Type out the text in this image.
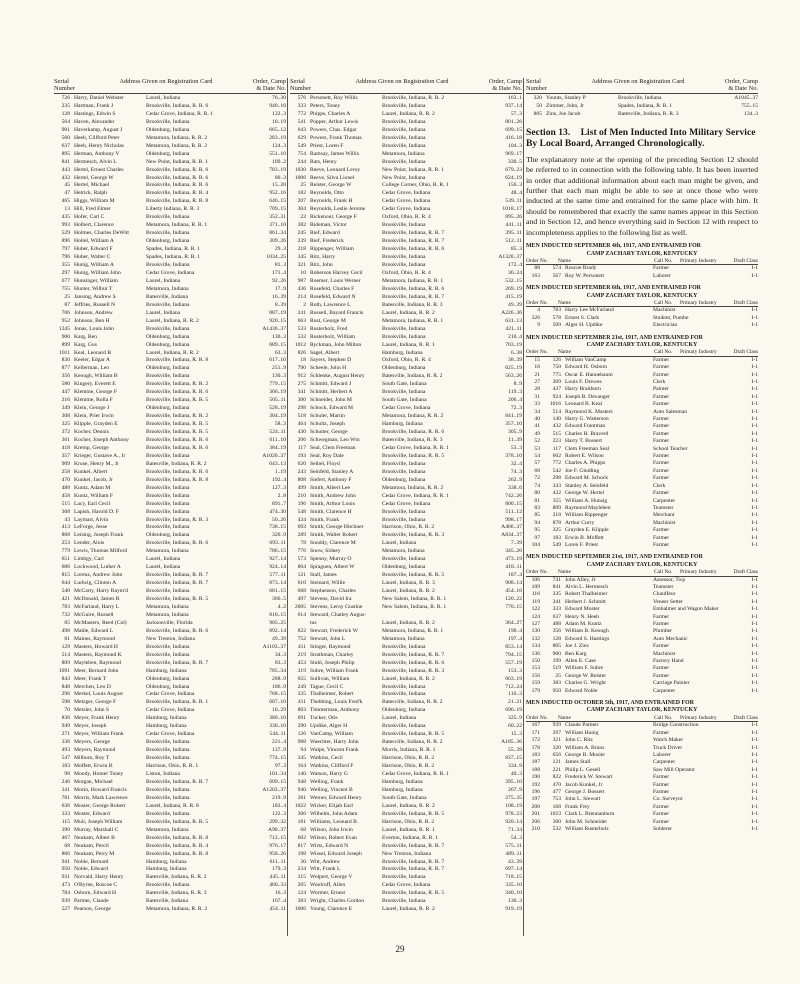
Serial Number
Address Given on Registration Card	Order, Camp & Date No.
726 Harry, Daniel Webster	Laurel, Indiana	76..30
235 Hartman, Frank J	Brookville, Indiana, R. R. 6	940..16
128 Hastings, Edwin S	Cedar Grove, Indiana, R. R. 1	132..3
564 Haven, Alexander	Brookville, Indiana	10..19
901 Haverkamp, August J	Oldenburg, Indiana	665..12
560 Heeb, Clifford Peter	Metamora, Indiana, R. R. 2	283..19
637 Heeb, Henry Nicholas	Metamora, Indiana, R. R. 2	124..3
895 Herman, Anthony V	Oldenburg, Indiana	551..10
841 Hermesch, Alvin L	New Point, Indiana, R. R. 1	109..2
443 Hertel, Ernest Charles	Brookville, Indiana, R. R. 6	783..19
432 Hertel, George W	Brookville, Indiana, R. R. 6	80..3
45 Hertel, Michael	Brookville, Indiana, R. R. 6	15..20
47 Hetrick, Ralph	Brookville, Indiana, R. R. 4	952..16
465 Higgs, William M	Brookville, Indiana, R. R. 8	646..15
13 Hill, Fred Elmer	Liberty Indiana, R. R. 3	709..15
435 Hofer, Carl C	Brookville, Indiana	352..31
993 Holbert, Clarence	Metamora, Indiana, R. R. 1	371..10
529 Holmes, Charles DeWitt	Brookville, Indiana	861..34
896 Holtel, William A	Oldenburg, Indiana	309..26
797 Huber, Edward F	Spades, Indiana, R. R. 1	29..3
796 Huber, Walter C	Spades, Indiana, R. R. 1	1034..25
355 Hunig, William A	Brookville, Indiana	81..3
297 Hunig, William John	Cedar Grove, Indiana	171..4
677 Hunsinger, William	Laurel, Indiana	92..26
755 Hunter, Wilbur T	Metamora, Indiana	17..9
25 Jansing, Andrew S	Batesville, Indiana	16..39
87 Jeffries, Russell N	Brookville, Indiana	8..39
706 Johnson, Andrew	Laurel, Indiana	887..19
952 Johnson, Ben H	Laurel, Indiana, R. R. 2	920..15
1345 Jonas, Louis John	Brookville, Indiana	A1436..37
900 Karg, Ben	Oldenburg, Indiana	130..3
899 Karg, Gus	Oldenburg, Indiana	689..15
1011 Keal, Leonard B	Laurel, Indiana, R. R. 2	63..3
830 Keeler, Edgar A	Brookville, Indiana, R. R. 8	617..10
877 Kellerman, Leo	Oldenburg, Indiana	251..9
356 Keough, William B	Brookville, Indiana	130..3
580 Kingery, Everett E	Brookville, Indiana, R. R. 2	779..15
447 Klemme, George F	Brookville, Indiana, R. R. 6	366..19
216 Klemme, Rolla F	Brookville, Indiana, R. R. 5	505..11
349 Klein, George J	Oldenburg, Indiana	528..19
308 Klein, Prier Irwin	Brookville, Indiana, R. R. 2	304..19
325 Klipple, Grayden E	Brookville, Indiana, R. R. 5	58..3
372 Kocher, Dennis	Brookville, Indiana, R. R. 5	524..11
361 Kocher, Joseph Anthony	Brookville, Indiana, R. R. 6	611..10
418 Kremp, George	Brookville, Indiana, R. R. 6	384..19
357 Krieger, Gustave A., Jr	Brookville, Indiana	A1020..37
909 Kruse, Henry M., Jr	Batesville, Indiana, R. R. 2	643..13
258 Kunkel, Albert	Brookville, Indiana, R. R. 6	1..19
470 Kunkel, Jacob, Jr	Brookville, Indiana, R. R. 8	192..4
488 Kuntz, Adam M	Brookville, Indiana	127..3
458 Kuntz, William F	Brookville, Indiana	2..8
515 Lacy, Earl Cecil	Brookville, Indiana	891..7
308 Lapish, Harold D. F	Brookville, Indiana	474..30
43 Laymart, Alvin	Brookville, Indiana, R. R. 3	50..26
413 LeForge, Jesse	Brookville, Indiana	738..15
868 Leising, Joseph Frank	Oldenburg, Indiana	320..9
253 Lender, Alois	Brookville, Indiana, R. R. 6	693..11
779 Lewis, Thomas Milford	Metamora, Indiana	786..15
651 Limbgy, Carl	Laurel, Indiana	927..14
686 Lockwood, Luther A	Laurel, Indiana	924..14
815 Lorenz, Andrew John	Brookville, Indiana, R. R. 7	577..11
644 Ludwig, Clinton A	Brookville, Indiana, R. R. 7	873..14
540 McCarty, Harry Raym'd	Brookville, Indiana	681..15
421 McDonald, James R	Brookville, Indiana, R. R. 5	366..5
783 McFarland, Harry L	Metamora, Indiana	4..2
732 McGuire, Russell	Metamora, Indiana	810..15
85 McMasters, Reed (Col)	Jacksonville, Florida	905..25
498 Mahle, Edward L	Brookville, Indiana, R. R. 6	892..14
81 Maines, Raymond	New Trenton, Indiana	49..39
129 Masters, Howard H	Brookville, Indiana	A1103..37
514 Masters, Raymond K	Brookville, Indiana	34..3
809 Mayleben, Raymond	Brookville, Indiana, R. R. 7	83..3
1091 Meer, Bernard John	Hamburg, Indiana	785..34
843 Meer, Frank T	Oldenburg, Indiana	288..9
848 Merchen, Leo D	Oldenburg, Indiana	186..9
296 Merkel, Louis August	Cedar Grove, Indiana	768..15
598 Metzger, George F	Brookville, Indiana, R. R. 1	607..10
70 Metzler, John S	Cedar Grove, Indiana	10..29
836 Meyer, Frank Henry	Hamburg, Indiana	380..10
949 Meyer, Joseph	Hamburg, Indiana	330..10
271 Meyer, William Frank	Cedar Grove, Indiana	544..11
336 Meyers, George	Brookville, Indiana	221..4
493 Meyers, Raymond	Brookville, Indiana	137..9
547 Milburn, Roy T	Brookville, Indiana	774..15
183 Moffett, Erwin B	Harrison, Ohio, R. R. 1	97..3
98 Moody, Homer Toney	Liston, Indiana	101..34
246 Morgan, Michael	Brookville, Indiana, R. R. 7	609..15
341 Morin, Howard Francis	Brookville, Indiana	A1203..37
781 Morris, Mark Lawrence	Brookville, Indiana	219..9
636 Mosier, George Robert	Laurel, Indiana, R. R. 8	183..4
333 Moster, Edward	Brookville, Indiana	122..3
115 Muir, Joseph William	Brookville, Indiana, R. R. 5	299..32
390 Murray, Marshall C	Metamora, Indiana	A90..37
467 Neukam, Albert B	Brookville, Indiana, R. R. 8	712..15
68 Neukam, Percil	Brookville, Indiana, R. R. 4	976..17
866 Neukam, Perry M	Brookville, Indiana, R. R. 8	958..26
941 Noble, Bernard	Hamburg, Indiana	611..11
950 Noble, Edward	Hamburg, Indiana	179..3
931 Norvald, Harry Henry	Batesville, Indiana, R. R. 2	445..11
473 O'Byrne, Roscoe C	Brookville, Indiana	460..33
784 Osborn, Edward H	Batesville, Indiana, R. R. 3	16..3
939 Parmer, Claude	Batesville, Indiana	167..4
527 Pearson, George	Metamora, Indiana, R. R. 2	454..11
Serial Number
Address Given on Registration Card	Order, Camp & Date No.
576 Personett, Roy Willis	Brookville, Indiana, R. R. 2	163..1
333 Peters, Toney	Brookville, Indiana	937..14
772 Phipps, Charles A	Laurel, Indiana, R. R. 2	57..3
541 Popper, Arthur Lewis	Brookville, Indiana	801..26
643 Powers, Chas. Edgar	Brookville, Indiana	699..15
629 Powers, Frank Thomas	Brookville, Indiana	416..18
549 Priest, Loren F	Brookville, Indiana	104..3
754 Ramsay, James Willis	Metamora, Indiana	969..17
244 Rats, Henry	Brookville, Indiana	330..5
1030 Reeve, Leonard Leroy	New Point, Indiana, R. R. 1	679..23
1006 Reeve, Silva Lionel	New Point, Indiana	624..19
25 Reister, George W	College Corner, Ohio, R. R. 1	156..3
182 Reynolds, Otto	Cedar Grove, Indiana	48..4
207 Reynolds, Frank H	Cedar Grove, Indiana	539..11
304 Reynolds, Leslie Jerome	Cedar Grove, Indiana	1018..17
22 Rickenour, George F	Oxford, Ohio, R. R. 4	895..26
382 Rideman, Victor	Brookville, Indiana	441..11
245 Rief, Edward	Brookville, Indiana, R. R. 7	395..11
239 Rief, Frederick	Brookville, Indiana, R. R. 7	512..11
218 Rippenger, William	Brookville, Indiana, R. R. 6	85..3
345 Ritz, Harry	Brookville, Indiana	A1320..37
321 Ritz, John	Brookville, Indiana	172..4
10 Roberson Harvey Cecil	Oxford, Ohio, R. R. 4	36..24
987 Roemer, Louis Werner	Metamora, Indiana, R. R. 1	532..15
436 Rosefeld, Charles F	Brookville, Indiana, R. R. 6	269..19
214 Rosefeld, Edward N	Brookville, Indiana, R. R. 7	415..19
2 Roth, Lawrence L	Batesville, Indiana, R. R. 3	49..39
241 Russell, Bayard Francis	Laurel, Indiana, R. R. 2	A226..36
663 Rust, George M	Metamora, Indiana, R. R. 1	631..13
533 Rusterholz, Fred	Brookville, Indiana	421..11
532 Rusterholz, William	Brookville, Indiana	210..4
1012 Ryckman, John Milton	Laurel, Indiana, R. R. 1	703..19
826 Sagel, Albert	Hamburg, Indiana	6..38
18 Sayers, Stephen D	Oxford, Ohio, R. R. 4	38..39
790 Scheele, John H	Oldenburg, Indiana	625..19
912 Schlenke, August Henry	Batesville, Indiana, R. R. 2	563..26
275 Schmitt, Edward J	South Gate, Indiana	8..9
341 Schmitt, Herbert A	Brookville, Indiana	119..3
300 Schneider, John M	South Gate, Indiana	206..4
298 Schock, Edward M	Cedar Grove, Indiana	72..3
518 Schuler, Martin	Metamora, Indiana, R. R. 2	841..19
464 Schultz, Joseph	Hamburg, Indiana	357..10
430 Schutter, George	Brookville, Indiana, R. R. 6	305..9
206 Schwegman, Leo Wm	Batesville, Indiana, R. R. 3	11..39
117 Seal, Clem Freeman	Cedar Grove, Indiana, R. R. 1	53..3
193 Seal, Roy Dale	Brookville, Indiana, R. R. 5	378..10
620 Seibel, Floyd	Brookville, Indiana	32..4
243 Seinfeld, Stanley A	Brookville, Indiana	74..3
808 Siefert, Anthony F	Oldenburg, Indiana	262..9
499 Smith, Albert Lee	Metamora, Indiana, R. R. 2	338..6
210 Smith, Andrew John	Cedar Grove, Indiana, R. R. 1	742..26
196 Smith, Arthur Louis	Cedar Grove, Indiana	800..15
548 Smith, Clarence H	Brookville, Indiana	511..12
434 Smith, Frank	Brookville, Indiana	998..17
693 Smith, George Hitchner	Harrison, Ohio, R. R. 2	A466..37
289 Smith, Walter Robert	Brookville, Indiana, R. R. 3	A834..37
78 Snoddy, Clarence M	Laurel, Indiana	7..39
776 Snow, Sidney	Metamora, Indiana	345..26
573 Spenny, Murray O	Brookville, Indiana	473..19
804 Spraguen, Albert W	Oldenburg, Indiana	418..11
121 Stall, James	Brookville, Indiana, R. R. 5	187..4
610 Steinard, Willie	Laurel, Indiana, R. R. 3	908..14
668 Stephenson, Charles	Laurel, Indiana, R. R. 2	454..16
497 Stevens, David Ira	New Salem, Indiana, R. R. 1	120..22
2005 Stevens, Leroy Gustine	New Salem, Indiana, R. R. 1	770..15
614 Steward, Chatley Augus-
tus	Laurel, Indiana, R. R. 2	364..27
822 Stewart, Frederick W	Metamora, Indiana, R. R. 1	190..4
752 Stewart, John L	Metamora, Indiana	197..4
411 Stinger, Raymond	Brookville, Indiana	853..14
219 Strathman, Charley	Brookville, Indiana, R. R. 7	794..15
453 Stuhl, Joseph Philip	Brookville, Indiana, R. R. 6	557..19
319 Suhre, William Frank	Brookville, Indiana, R. R. 3	153..3
655 Sullivan, William	Laurel, Indiana, R. R. 2	663..19
249 Tague, Cecil C	Brookville, Indiana	712..24
335 Thalheimer, Robert	Brookville, Indiana	116..3
411 Thebbing, Louis Fred'k	Batesville, Indiana, R. R. 2	21..21
803 Timmerman, Anthony	Oldenburg, Indiana	696..19
691 Tucker, Otis	Laurel, Indiana	325..9
290 Updike, Alger H	Brookville, Indiana	60..22
126 VanCamp, William	Brookville, Indiana, R. R. 5	15..3
988 Waechter, Harry John	Batesville, Indiana, R. R. 2	A185..36
94 Walpe, Vincent Frank	Morris, Indiana, R. R. 1	55..39
345 Watkins, Cecil	Harrison, Ohio, R. R. 2	837..15
164 Watkins, Clifford F	Harrison, Ohio, R. R. 2	334..9
140 Watson, Harry G	Cedar Grove, Indiana, R. R. 1	40..3
948 Welling, Frank	Hamburg, Indiana	395..10
940 Welling, Vincent B	Hamburg, Indiana	267..9
281 Werner, Edward Henry	South Gate, Indiana	275..35
1022 Wicker, Elijah Earl	Laurel, Indiana, R. R. 2	108..19
306 Wilhelm, John Adam	Brookville, Indiana, R. R. 5	978..23
181 Williams, Leonard B	Harrison, Ohio, R. R. 2	920..14
68 Wilson, John Irwin	Laurel, Indiana, R. R. 1	71..34
602 Wilson, Robert Evan	Everton, Indiana, R. R. 1	54..3
817 Wirtz, Edward N	Brookville, Indiana, R. R. 7	575..11
198 Wissel, Edward Joseph	New Trenton, Indiana	489..11
30 Witt, Andrew	Brookville, Indiana, R. R. 7	43..39
234 Witt, Frank L	Brookville, Indiana, R. R. 7	697..14
315 Wolpert, George V	Brookville, Indiana	718..15
265 Woolruff, Allen	Cedar Grove, Indiana	335..10
124 Wormer, Ernest	Brookville, Indiana, R. R. 5	340..10
383 Wright, Charles Gordon	Brookville, Indiana	130..3
1006 Young, Clarence E	Laurel, Indiana, R. R. 2	919..19
Serial Number
Address Given on Registration Card	Order, Camp & Date No.
320 Younts, Stanley P	Brookville, Indiana	A1045..37
50 Zimmer, John, Jr	Spades, Indiana, R. R. 1	755..15
805 Zins, Joe Jacob	Batesville, Indiana, R. R. 3	134..3
Section 13. List of Men Inducted Into Military Service By Local Board, Arranged Chronologically.
The explanatory note at the opening of the preceding Section 12 should be referred to in connection with the following table. It has been inserted in order that additional information about each man might be given, and further that each man might be able to see at once those who were inducted at the same time and entrained for the same place with him. It should be remembered that exactly the same names appear in this Section and in Section 12, and hence everything said in Section 12 with respect to incompleteness applies to the following list as well.
MEN INDUCTED SEPTEMBER 4th, 1917, AND ENTRAINED FOR
CAMP ZACHARY TAYLOR, KENTUCKY
Order No.	Name	Call No.	Primary Industry	Draft Class
88	574 Roscoe Brady	Farmer	I-1
163	567 Roy W. Personett	Laborer	I-1
MEN INDUCTED SEPTEMBER 6th, 1917, AND ENTRAINED FOR
CAMP ZACHARY TAYLOR, KENTUCKY
Order No.	Name	Call No.	Primary Industry	Draft Class
4	783 Harry Lee McFarland	Machinist	I-1
326	578 Ernest S. Clark	Student, Pumbe	I-1
9	509 Alger H. Updike	Electrician	I-1
MEN INDUCTED SEPTEMBER 21st, 1917, AND ENTRAINED FOR
CAMP ZACHARY TAYLOR, KENTUCKY
Order No.	Name	Call No.	Primary Industry	Draft Class
15	126 William VanCamp	Farmer	I-1
16	750 Edward H. Osborn	Farmer	I-1
21	775 Oscar E. Hannebaum	Farmer	I-1
27	309 Louis F. Drewes	Clerk	I-1
28	437 Harry Braitburn	Painter	I-1
31	924 Joseph B. Devanger	Farmer	I-1
33	1016 Leonard B. Keal	Farmer	I-1
34	514 Raymond K. Masters	Auto Salesman	I-1
40	140 Harry G. Watterson	Farmer	I-1
41	432 Edward Frantman	Farmer	I-1
49	515 Charles H. Braverd	Farmer	I-1
52	223 Harry T. Bossert	Farmer	I-1
53	117 Clem Freeman Seal	School Teacher	I-1
54	602 Robert E. Wilson	Farmer	I-1
57	772 Charles A. Phipps	Farmer	I-1
68	542 Joe F. Gindling	Farmer	I-1
72	298 Edward M. Schock	Farmer	I-1
74	343 Stanley A. Seinfeld	Clerk	I-1
80	432 George W. Hertel	Farmer	I-1
81	355 William A. Hunsig	Carpenter	I-1
83	809 Raymond Mayleben	Teamster	I-1
85	218 William Rippenger	Merchant	I-1
94	878 Arthur Curry	Machinist	I-1
95	325 Grayden E. Klipple	Farmer	I-1
97	183 Erwin B. Moffett	Farmer	I-1
104	549 Loren F. Priest	Farmer	I-1
MEN INDUCTED SEPTEMBER 21st, 1917, AND ENTRAINED FOR
CAMP ZACHARY TAYLOR, KENTUCKY
Order No.	Name	Call No.	Primary Industry	Draft Class
106	741 John Alley, Jr	Assessor, Twp	I-1
109	841 Alvin L. Hermesch	Teamster	I-1
116	335 Robert Thalheimer	Chauffeur	I-1
119	341 Herbert J. Schmitt	Veneer Setter	I-1
122	333 Edward Moster	Embalmer and Wagon Maker	I-1
124	637 Henry N. Heeb	Farmer	I-1
127	488 Adam M. Kuntz	Farmer	I-1
130	356 William B. Keough	Plumber	I-1
132	128 Edward S. Hastings	Auto Mechanic	I-1
134	805 Joe J. Zins	Farmer	I-1
136	900 Ben Karg	Machinist	I-1
150	199 Allen E. Case	Factory Hand	I-1
153	519 William F. Suhre	Farmer	I-1
156	25 George W. Reister	Farmer	I-1
159	383 Charles G. Wright	Carriage Painter	I-1
179	950 Edward Noble	Carpenter	I-1
MEN INDUCTED OCTOBER 5th, 1917, AND ENTRAINED FOR
CAMP ZACHARY TAYLOR, KENTUCKY
Order No.	Name	Call No.	Primary Industry	Draft Class
167	939 Claude Parmer	Bridge Construction	I-1
171	297 William Hunig	Farmer	I-1
172	321 John C. Ritz	Watch Maker	I-1
178	320 William A. Bruns	Truck Driver	I-1
183	656 George R. Mosier	Laborer	I-1
187	121 James Stall	Carpenter	I-1
188	221 Philip L. Gesell	Saw Mill Operator	I-1
190	822 Frederick W. Stewart	Farmer	I-1
192	470 Jacob Kunkel, Jr	Farmer	I-1
196	477 George J. Bossert	Farmer	I-1
197	753 John L. Stewart	Co. Surveyor	I-1
200	168 Frank Frey	Farmer	I-1
201	1023 Clark L. Brennanburn	Farmer	I-1
206	300 John M. Schneider	Farmer	I-1
210	532 William Rusterholz	Solderer	I-1
29
